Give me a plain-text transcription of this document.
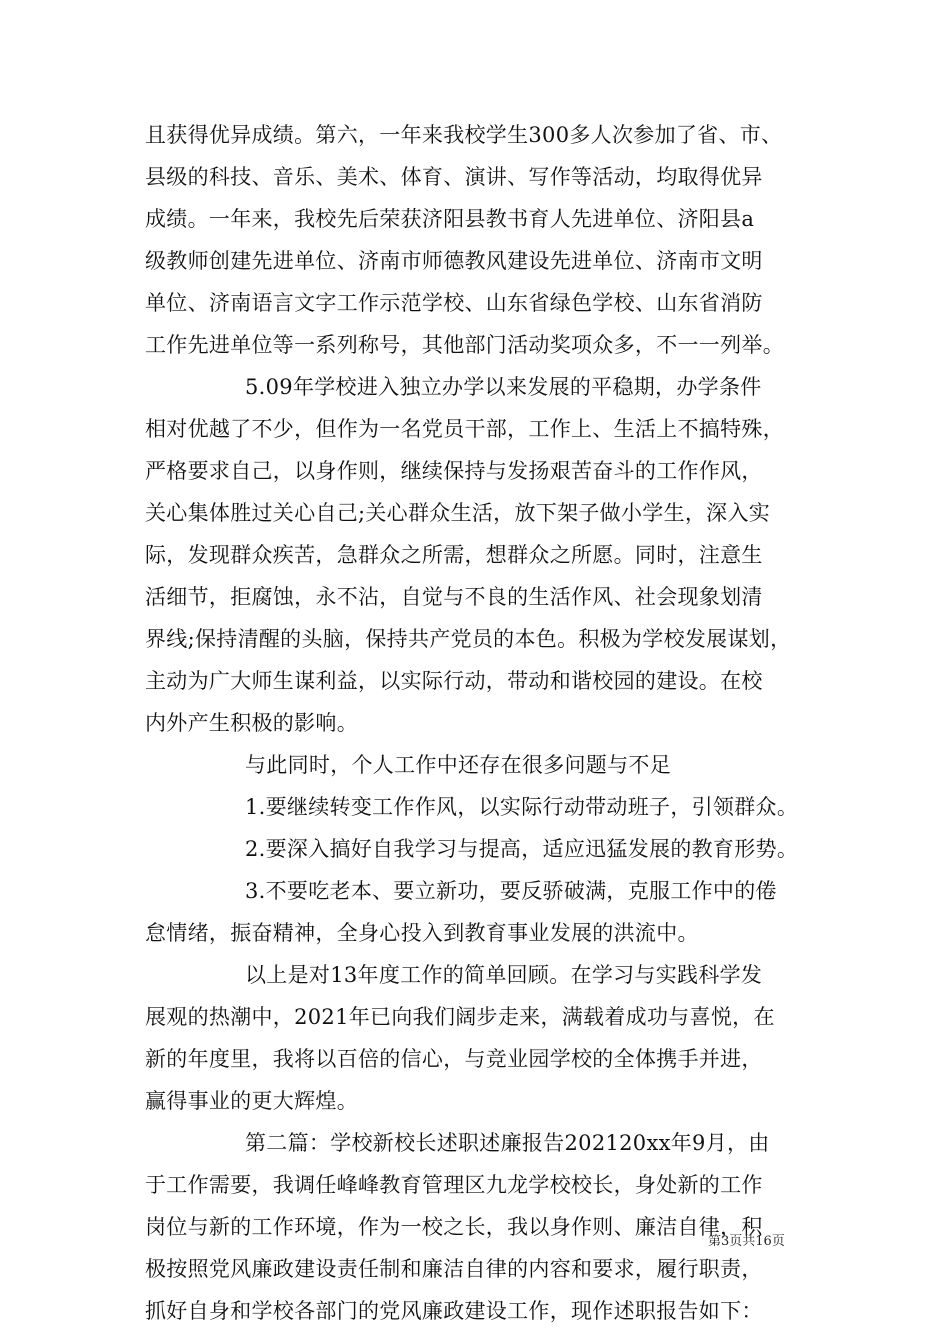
且获得优异成绩。第六，一年来我校学生300多人次参加了省、市、
县级的科技、音乐、美术、体育、演讲、写作等活动，均取得优异
成绩。一年来，我校先后荣获济阳县教书育人先进单位、济阳县a
级教师创建先进单位、济南市师德教风建设先进单位、济南市文明
单位、济南语言文字工作示范学校、山东省绿色学校、山东省消防
工作先进单位等一系列称号，其他部门活动奖项众多，不一一列举。
5.09年学校进入独立办学以来发展的平稳期，办学条件
相对优越了不少，但作为一名党员干部，工作上、生活上不搞特殊，
严格要求自己，以身作则，继续保持与发扬艰苦奋斗的工作作风，
关心集体胜过关心自己;关心群众生活，放下架子做小学生，深入实
际，发现群众疾苦，急群众之所需，想群众之所愿。同时，注意生
活细节，拒腐蚀，永不沾，自觉与不良的生活作风、社会现象划清
界线;保持清醒的头脑，保持共产党员的本色。积极为学校发展谋划，
主动为广大师生谋利益，以实际行动，带动和谐校园的建设。在校
内外产生积极的影响。
与此同时，个人工作中还存在很多问题与不足
1.要继续转变工作作风，以实际行动带动班子，引领群众。
2.要深入搞好自我学习与提高，适应迅猛发展的教育形势。
3.不要吃老本、要立新功，要反骄破满，克服工作中的倦
怠情绪，振奋精神，全身心投入到教育事业发展的洪流中。
以上是对13年度工作的简单回顾。在学习与实践科学发
展观的热潮中，2021年已向我们阔步走来，满载着成功与喜悦，在
新的年度里，我将以百倍的信心，与竞业园学校的全体携手并进，
赢得事业的更大辉煌。
第二篇：学校新校长述职述廉报告202120xx年9月，由
于工作需要，我调任峰峰教育管理区九龙学校校长，身处新的工作
岗位与新的工作环境，作为一校之长，我以身作则、廉洁自律，积
极按照党风廉政建设责任制和廉洁自律的内容和要求，履行职责，
抓好自身和学校各部门的党风廉政建设工作，现作述职报告如下：
第3页共16页
